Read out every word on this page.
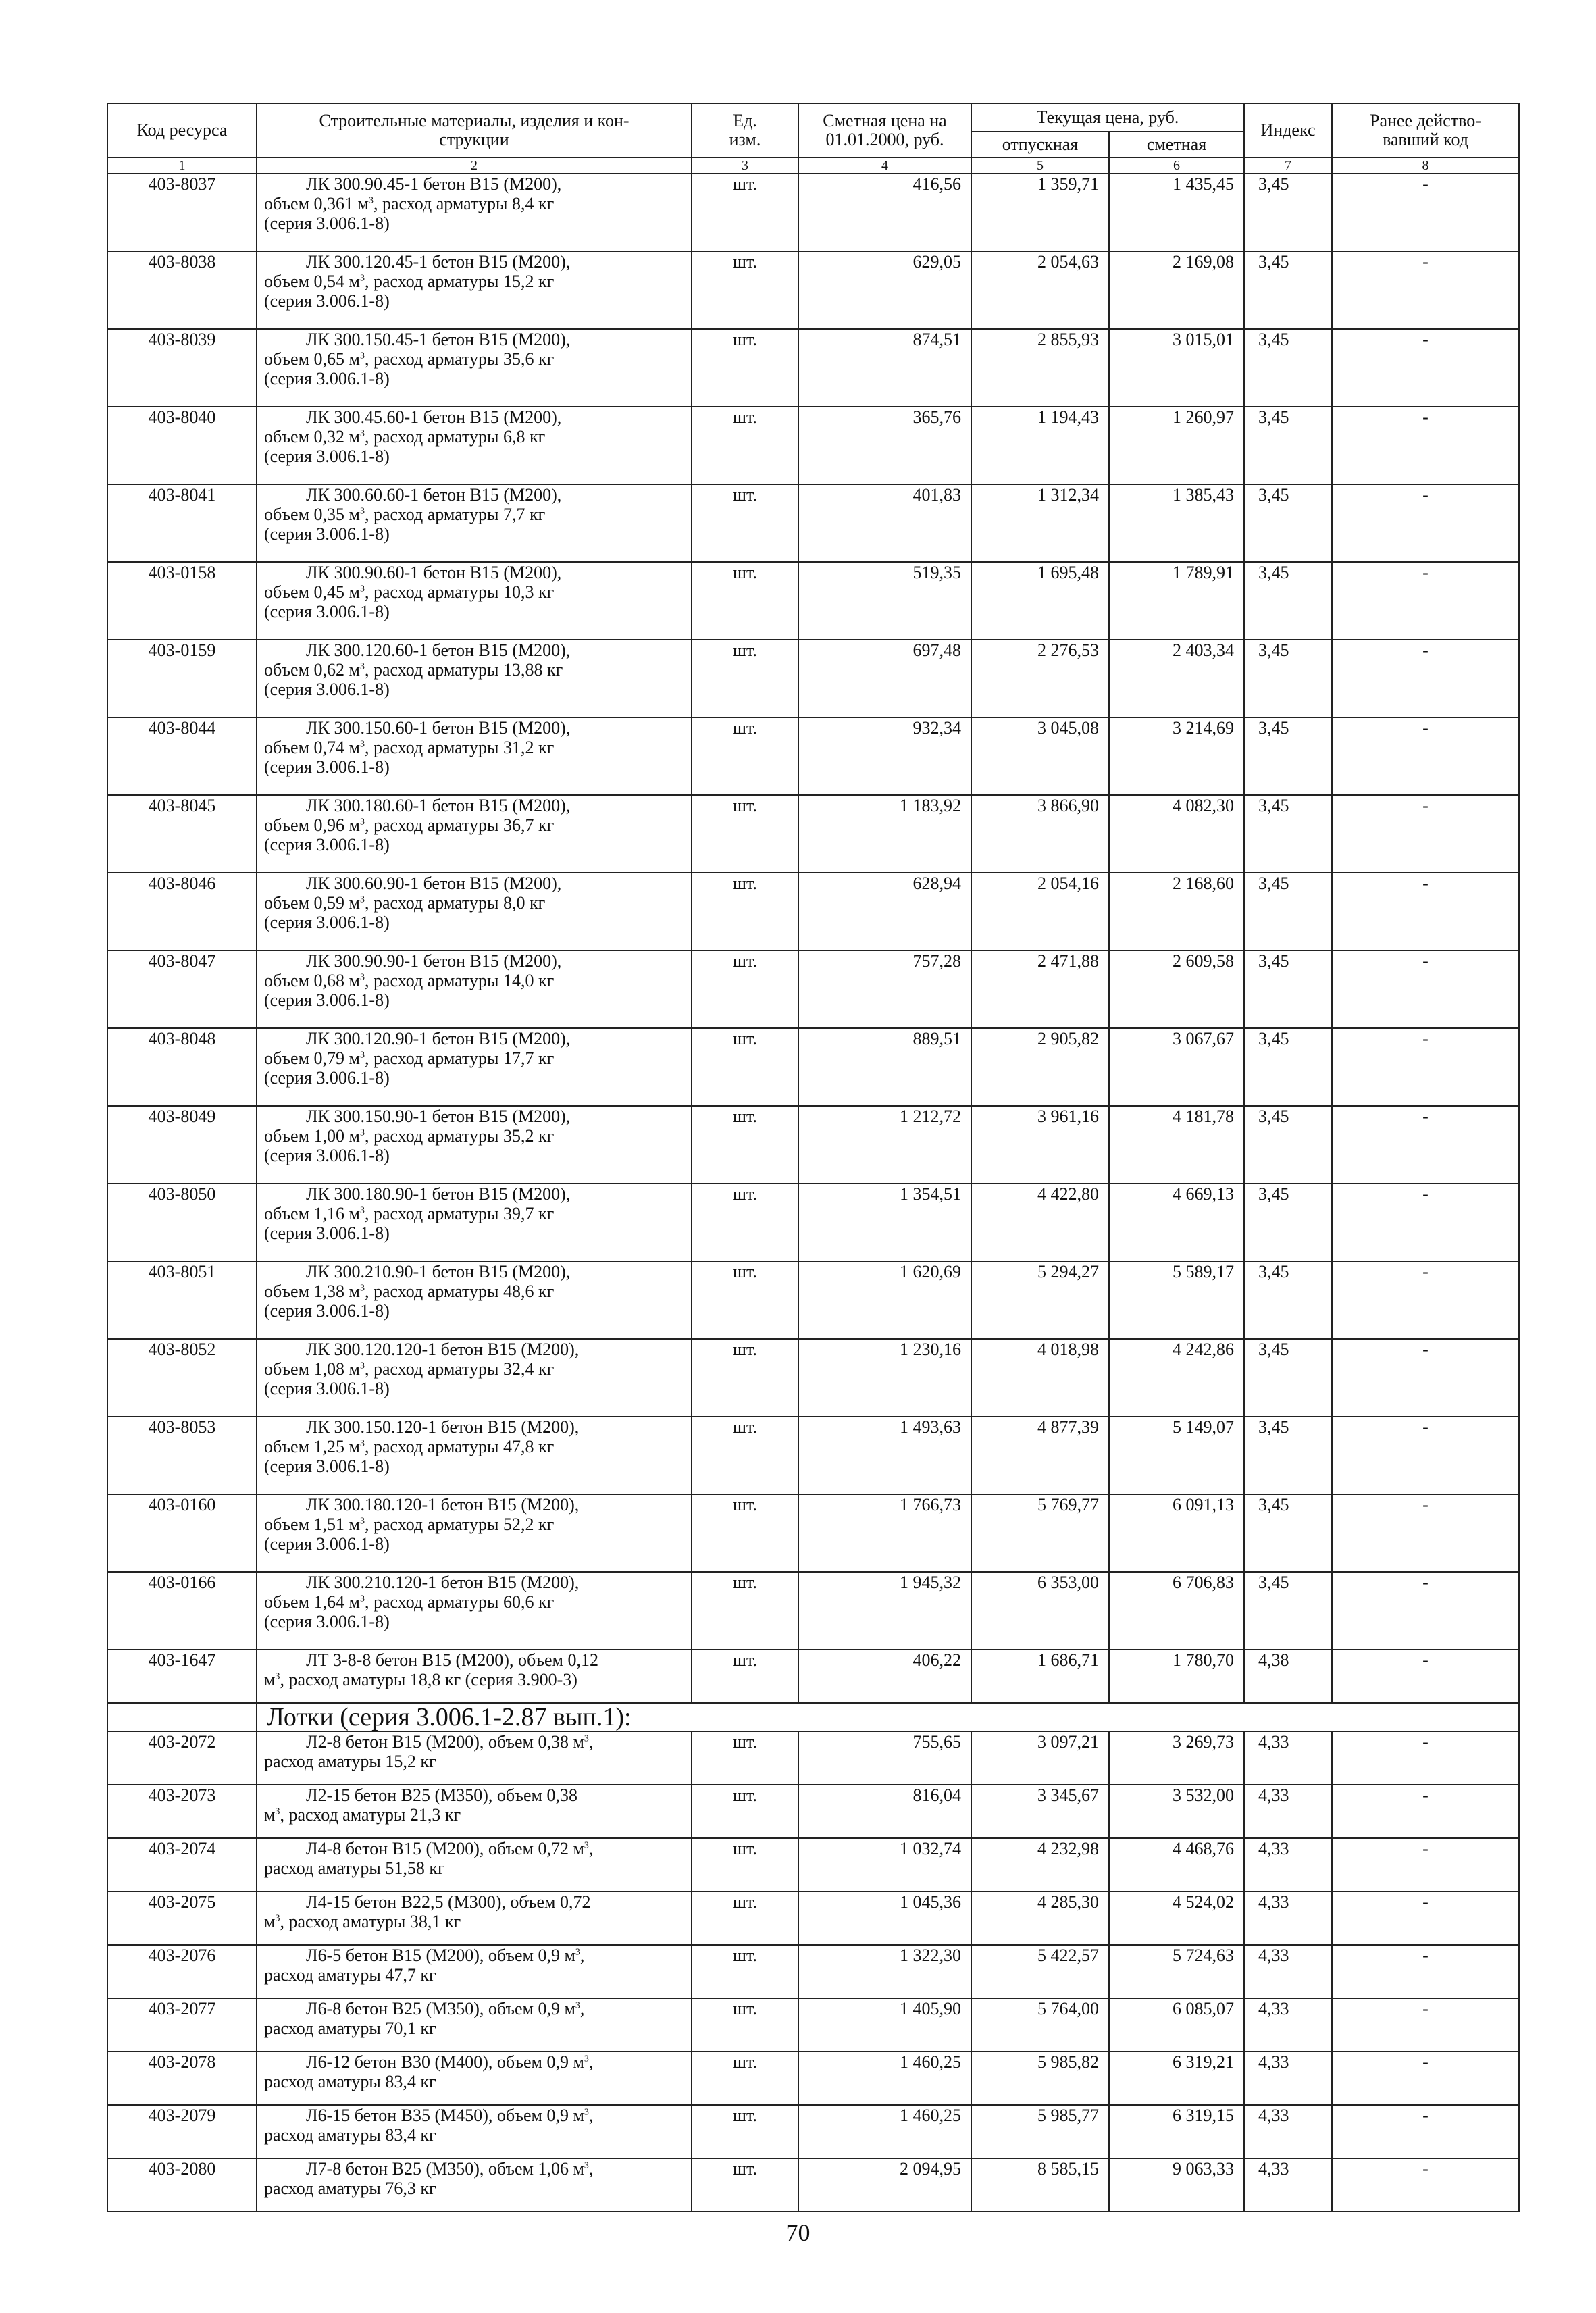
Код ресурса	Строительные материалы, изделия и кон-
струкции	Ед.
изм.	Сметная цена на
01.01.2000, руб.	Текущая цена, руб.		Индекс	Ранее действо-
вавший код

				отпускная	сметная		
1	2	3	4	5	6	7	8
403-8037	ЛК 300.90.45-1 бетон В15 (М200),
объем 0,361 $м^3$, расход арматуры 8,4 кг
(серия 3.006.1-8)	шт.	416,56	1 359,71	1 435,45	3,45	-
403-8038	ЛК 300.120.45-1 бетон В15 (М200),
объем 0,54 $м^3$, расход арматуры 15,2 кг
(серия 3.006.1-8)	шт.	629,05	2 054,63	2 169,08	3,45	-
403-8039	ЛК 300.150.45-1 бетон В15 (М200),
объем 0,65 $м^3$, расход арматуры 35,6 кг
(серия 3.006.1-8)	шт.	874,51	2 855,93	3 015,01	3,45	-
403-8040	ЛК 300.45.60-1 бетон В15 (М200),
объем 0,32 $м^3$, расход арматуры 6,8 кг
(серия 3.006.1-8)	шт.	365,76	1 194,43	1 260,97	3,45	-
403-8041	ЛК 300.60.60-1 бетон В15 (М200),
объем 0,35 $м^3$, расход арматуры 7,7 кг
(серия 3.006.1-8)	шт.	401,83	1 312,34	1 385,43	3,45	-
403-0158	ЛК 300.90.60-1 бетон В15 (М200),
объем 0,45 $м^3$, расход арматуры 10,3 кг
(серия 3.006.1-8)	шт.	519,35	1 695,48	1 789,91	3,45	-
403-0159	ЛК 300.120.60-1 бетон В15 (М200),
объем 0,62 $м^3$, расход арматуры 13,88 кг
(серия 3.006.1-8)	шт.	697,48	2 276,53	2 403,34	3,45	-
403-8044	ЛК 300.150.60-1 бетон В15 (М200),
объем 0,74 $м^3$, расход арматуры 31,2 кг
(серия 3.006.1-8)	шт.	932,34	3 045,08	3 214,69	3,45	-
403-8045	ЛК 300.180.60-1 бетон В15 (М200),
объем 0,96 $м^3$, расход арматуры 36,7 кг
(серия 3.006.1-8)	шт.	1 183,92	3 866,90	4 082,30	3,45	-
403-8046	ЛК 300.60.90-1 бетон В15 (М200),
объем 0,59 $м^3$, расход арматуры 8,0 кг
(серия 3.006.1-8)	шт.	628,94	2 054,16	2 168,60	3,45	-
403-8047	ЛК 300.90.90-1 бетон В15 (М200),
объем 0,68 $м^3$, расход арматуры 14,0 кг
(серия 3.006.1-8)	шт.	757,28	2 471,88	2 609,58	3,45	-
403-8048	ЛК 300.120.90-1 бетон В15 (М200),
объем 0,79 $м^3$, расход арматуры 17,7 кг
(серия 3.006.1-8)	шт.	889,51	2 905,82	3 067,67	3,45	-
403-8049	ЛК 300.150.90-1 бетон В15 (М200),
объем 1,00 $м^3$, расход арматуры 35,2 кг
(серия 3.006.1-8)	шт.	1 212,72	3 961,16	4 181,78	3,45	-
403-8050	ЛК 300.180.90-1 бетон В15 (М200),
объем 1,16 $м^3$, расход арматуры 39,7 кг
(серия 3.006.1-8)	шт.	1 354,51	4 422,80	4 669,13	3,45	-
403-8051	ЛК 300.210.90-1 бетон В15 (М200),
объем 1,38 $м^3$, расход арматуры 48,6 кг
(серия 3.006.1-8)	шт.	1 620,69	5 294,27	5 589,17	3,45	-
403-8052	ЛК 300.120.120-1 бетон В15 (М200),
объем 1,08 $м^3$, расход арматуры 32,4 кг
(серия 3.006.1-8)	шт.	1 230,16	4 018,98	4 242,86	3,45	-
403-8053	ЛК 300.150.120-1 бетон В15 (М200),
объем 1,25 $м^3$, расход арматуры 47,8 кг
(серия 3.006.1-8)	шт.	1 493,63	4 877,39	5 149,07	3,45	-
403-0160	ЛК 300.180.120-1 бетон В15 (М200),
объем 1,51 $м^3$, расход арматуры 52,2 кг
(серия 3.006.1-8)	шт.	1 766,73	5 769,77	6 091,13	3,45	-
403-0166	ЛК 300.210.120-1 бетон В15 (М200),
объем 1,64 $м^3$, расход арматуры 60,6 кг
(серия 3.006.1-8)	шт.	1 945,32	6 353,00	6 706,83	3,45	-
403-1647	ЛТ 3-8-8 бетон В15 (М200), объем 0,12
$м^3$, расход аматуры 18,8 кг (серия 3.900-3)	шт.	406,22	1 686,71	1 780,70	4,38	-
	Лотки (серия 3.006.1-2.87 вып.1):						
403-2072	Л2-8 бетон В15 (М200), объем 0,38 $м^3$,
расход аматуры 15,2 кг	шт.	755,65	3 097,21	3 269,73	4,33	-
403-2073	Л2-15 бетон В25 (М350), объем 0,38
$м^3$, расход аматуры 21,3 кг	шт.	816,04	3 345,67	3 532,00	4,33	-
403-2074	Л4-8 бетон В15 (М200), объем 0,72 $м^3$,
расход аматуры 51,58 кг	шт.	1 032,74	4 232,98	4 468,76	4,33	-
403-2075	Л4-15 бетон В22,5 (М300), объем 0,72
$м^3$, расход аматуры 38,1 кг	шт.	1 045,36	4 285,30	4 524,02	4,33	-
403-2076	Л6-5 бетон В15 (М200), объем 0,9 $м^3$,
расход аматуры 47,7 кг	шт.	1 322,30	5 422,57	5 724,63	4,33	-
403-2077	Л6-8 бетон В25 (М350), объем 0,9 $м^3$,
расход аматуры 70,1 кг	шт.	1 405,90	5 764,00	6 085,07	4,33	-
403-2078	Л6-12 бетон В30 (М400), объем 0,9 $м^3$,
расход аматуры 83,4 кг	шт.	1 460,25	5 985,82	6 319,21	4,33	-
403-2079	Л6-15 бетон В35 (М450), объем 0,9 $м^3$,
расход аматуры 83,4 кг	шт.	1 460,25	5 985,77	6 319,15	4,33	-
403-2080	Л7-8 бетон В25 (М350), объем 1,06 $м^3$,
расход аматуры 76,3 кг	шт.	2 094,95	8 585,15	9 063,33	4,33	-
70
